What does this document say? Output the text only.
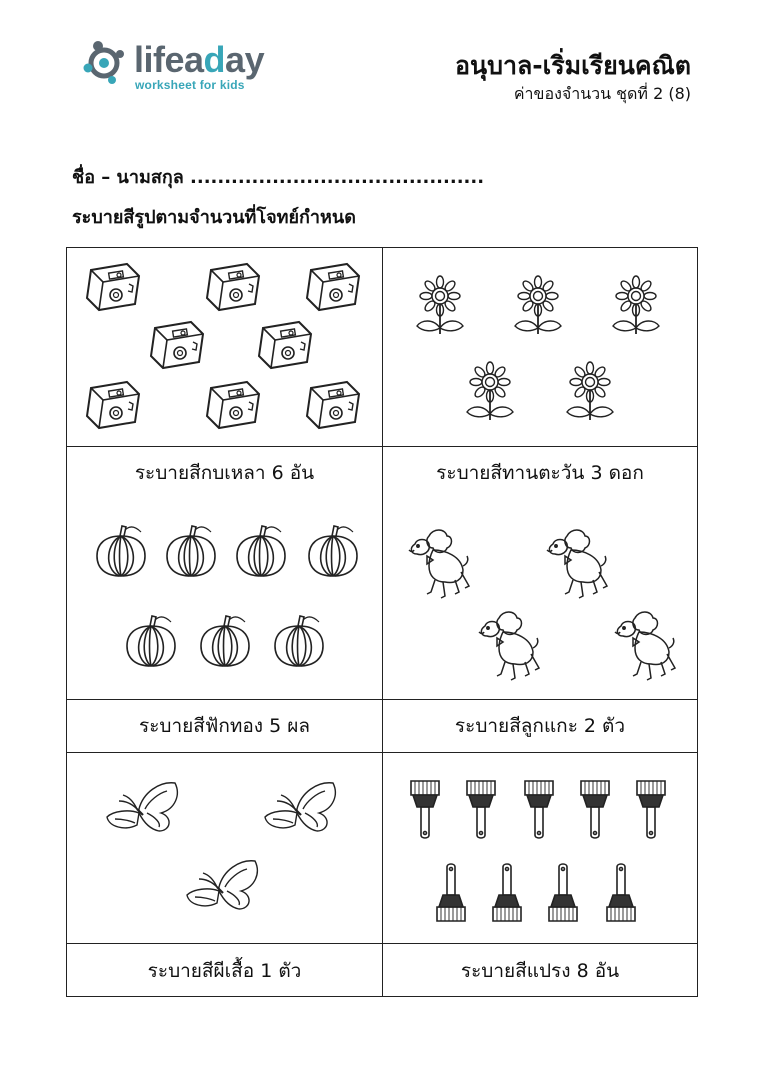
lifeaday
worksheet for kids
อนุบาล-เริ่มเรียนคณิต
ค่าของจำนวน ชุดที่ 2 (8)
ชื่อ – นามสกุล ...........................................
ระบายสีรูปตามจำนวนที่โจทย์กำหนด
ระบายสีกบเหลา 6 อัน	ระบายสีทานตะวัน 3 ดอก
ระบายสีฟักทอง 5 ผล	ระบายสีลูกแกะ 2 ตัว
ระบายสีผีเสื้อ 1 ตัว	ระบายสีแปรง 8 อัน
